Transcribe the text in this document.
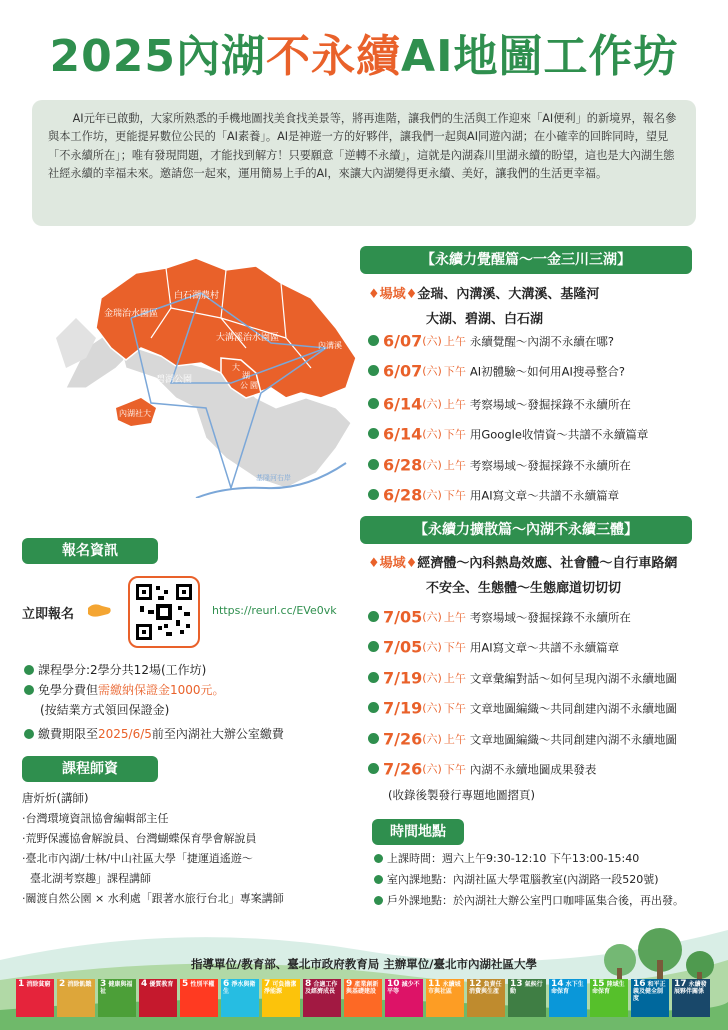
2025內湖不永續AI地圖工作坊

AI元年已啟動，大家所熟悉的手機地圖找美食找美景等，將再進階，讓我們的生活與工作迎來「AI便利」的新境界，報名參與本工作坊，更能提昇數位公民的「AI素養」。AI是神遊一方的好夥伴，讓我們一起與AI同遊內湖；在小確幸的回眸同時，望見「不永續所在」；唯有發現問題，才能找到解方！只要願意「逆轉不永續」，這就是內湖森川里湖永續的盼望，這也是大內湖生態社經永續的幸福未來。邀請您一起來，運用簡易上手的AI，來讓大內湖變得更永續、美好，讓我們的生活更幸福。

白石湖農村
金瑞治水園區
內溝溪
大溝溪治水園區
碧湖公園
大
湖
公 園
內湖社大
基隆河右岸
【永續力覺醒篇～一金三川三湖】
♦場域♦金瑞、內溝溪、大溝溪、基隆河
大湖、碧湖、白石湖
6/07(六) 上午 永續覺醒～內湖不永續在哪?
6/07(六) 下午 AI初體驗～如何用AI搜尋整合?
6/14(六) 上午 考察場域～發掘採錄不永續所在
6/14(六) 下午 用Google收情資～共譜不永續篇章
6/28(六) 上午 考察場域～發掘採錄不永續所在
6/28(六) 下午 用AI寫文章～共譜不永續篇章
【永續力擴散篇～內湖不永續三體】
♦場域♦經濟體～內科熱島效應、社會體～自行車路網
不安全、生態體～生態廊道切切切
7/05(六) 上午 考察場域～發掘採錄不永續所在
7/05(六) 下午 用AI寫文章～共譜不永續篇章
7/19(六) 上午 文章彙編對話～如何呈現內湖不永續地圖
7/19(六) 下午 文章地圖編織～共同創建內湖不永續地圖
7/26(六) 上午 文章地圖編織～共同創建內湖不永續地圖
7/26(六) 下午 內湖不永續地圖成果發表
(收錄後製發行專題地圖摺頁)
時間地點
上課時間：週六上午9:30-12:10 下午13:00-15:40
室內課地點：內湖社區大學電腦教室(內湖路一段520號)
戶外課地點：於內湖社大辦公室門口咖啡區集合後，再出發。
報名資訊
立即報名	https://reurl.cc/EVe0vk
課程學分:2學分共12場(工作坊)
免學分費但需繳納保證金1000元。
(按結業方式領回保證金)
繳費期限至2025/6/5前至內湖社大辦公室繳費
課程師資
唐炘炘(講師)
‧台灣環境資訊協會編輯部主任
‧荒野保護協會解說員、台灣蝴蝶保育學會解說員
‧臺北市內湖/士林/中山社區大學「捷運逍遙遊～
臺北湖考察趣」課程講師
‧關渡自然公園 × 水利處「跟著水旅行台北」專案講師
指導單位/教育部、臺北市政府教育局 主辦單位/臺北市內湖社區大學
1 消除貧窮 2 消除飢餓 3 健康與福祉
4 優質教育 5 性別平權 6 淨水與衛生
7 可負擔潔淨能源
8 合適工作及經濟成長
9 產業創新與基礎建設
10 減少不平等
11 永續城市與社區
12 負責任消費與生產
13 氣候行動
14 水下生命保育
15 陸域生命保育
16 和平正義及健全制度
17 永續發展夥伴關係
